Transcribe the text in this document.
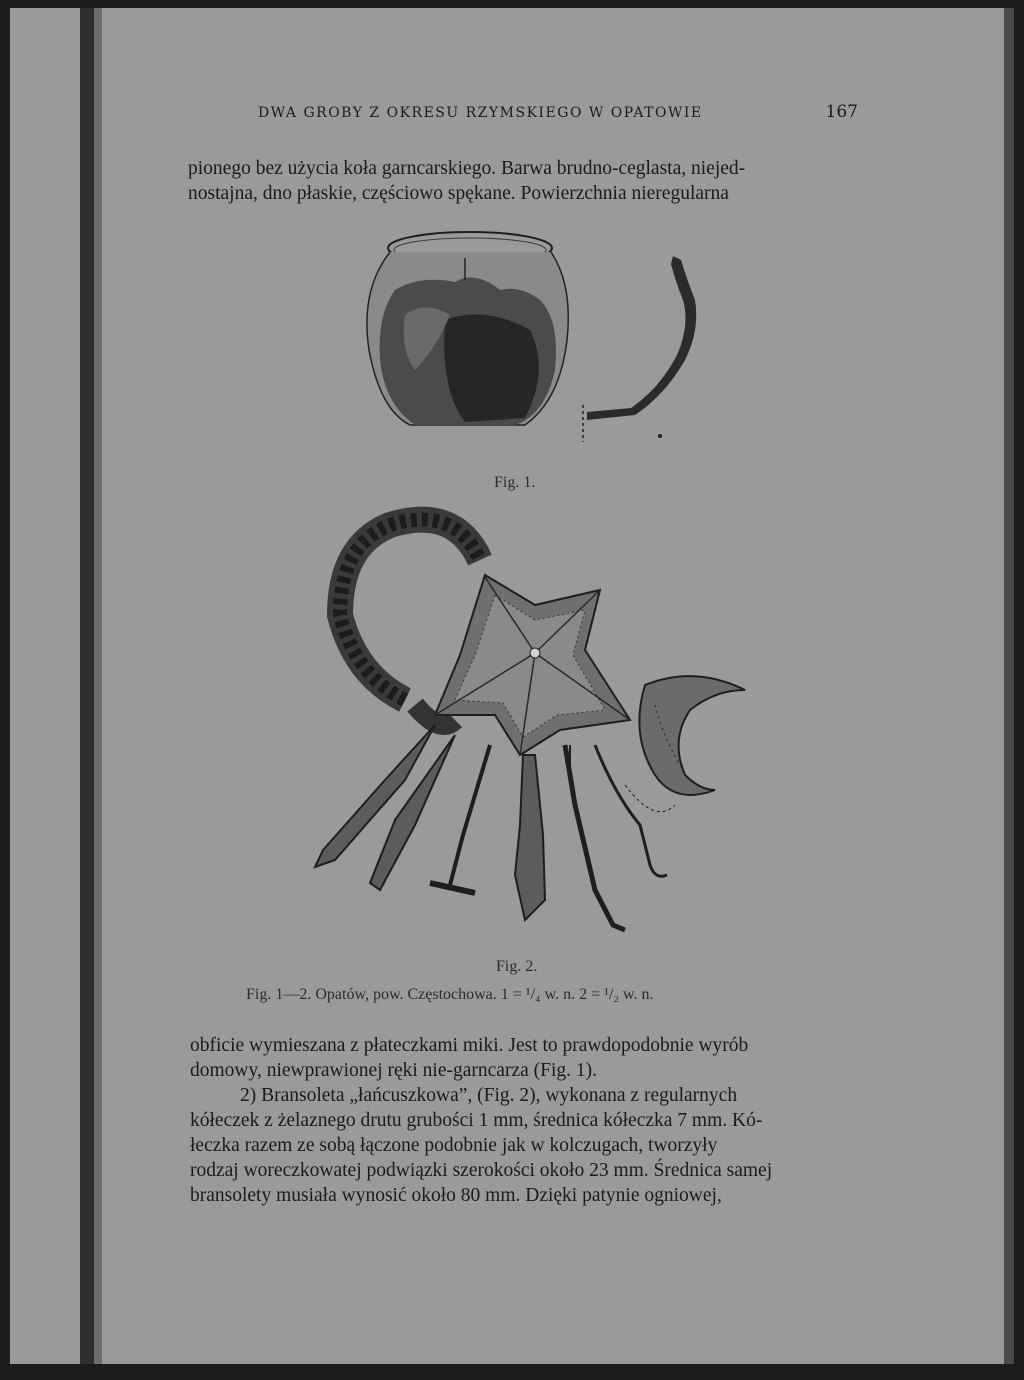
DWA GROBY Z OKRESU RZYMSKIEGO W OPATOWIE	167

pionego bez użycia koła garncarskiego. Barwa brudno-ceglasta, niejed-

nostajna, dno płaskie, częściowo spękane. Powierzchnia nieregularna

Fig. 1.
Fig. 2.
Fig. 1—2. Opatów, pow. Częstochowa. 1 = ¹/₄ w. n. 2 = ¹/₂ w. n.

obficie wymieszana z płateczkami miki. Jest to prawdopodobnie wyrób

domowy, niewprawionej ręki nie-garncarza (Fig. 1).

2) Bransoleta „łańcuszkowa”, (Fig. 2), wykonana z regularnych

kółeczek z żelaznego drutu grubości 1 mm, średnica kółeczka 7 mm. Kó-

łeczka razem ze sobą łączone podobnie jak w kolczugach, tworzyły

rodzaj woreczkowatej podwiązki szerokości około 23 mm. Średnica samej

bransolety musiała wynosić około 80 mm. Dzięki patynie ogniowej,
